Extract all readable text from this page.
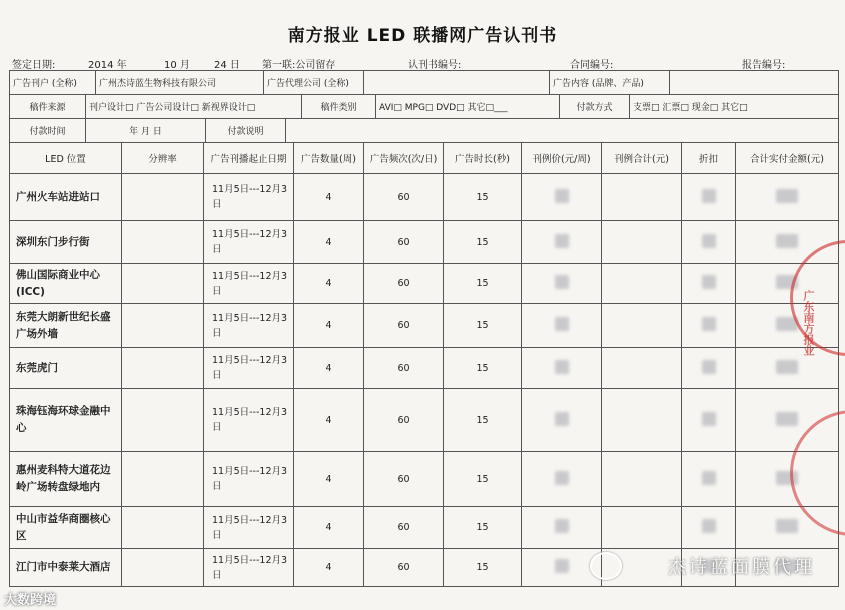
南方报业 LED 联播网广告认刊书
签定日期:	2014 年	10 月 24 日 第一联:公司留存	认刊书编号:	合同编号:	报告编号:
广告刊户 (全称)	广州杰诗蓝生物科技有限公司	广告代理公司 (全称)		广告内容 (品牌、产品)	
稿件来源	刊户设计□ 广告公司设计□ 新视界设计□	稿件类别	AVI□ MPG□ DVD□ 其它□___	付款方式	支票□ 汇票□ 现金□ 其它□
付款时间	年 月 日	付款说明	
LED 位置	分辨率	广告刊播起止日期	广告数量(周)	广告频次(次/日)	广告时长(秒)	刊例价(元/周)	刊例合计(元)	折扣	合计实付金额(元)
广州火车站进站口		11月5日---12月3日	4	60	15				
深圳东门步行街		11月5日---12月3日	4	60	15				
佛山国际商业中心(ICC)		11月5日---12月3日	4	60	15				
东莞大朗新世纪长盛广场外墙		11月5日---12月3日	4	60	15				
东莞虎门		11月5日---12月3日	4	60	15				
珠海钰海环球金融中心		11月5日---12月3日	4	60	15				
惠州麦科特大道花边岭广场转盘绿地内		11月5日---12月3日	4	60	15				
中山市益华商圈核心区		11月5日---12月3日	4	60	15				
江门市中泰莱大酒店		11月5日---12月3日	4	60	15				
广东南方报业
杰诗蓝面膜代理
大数跨境
